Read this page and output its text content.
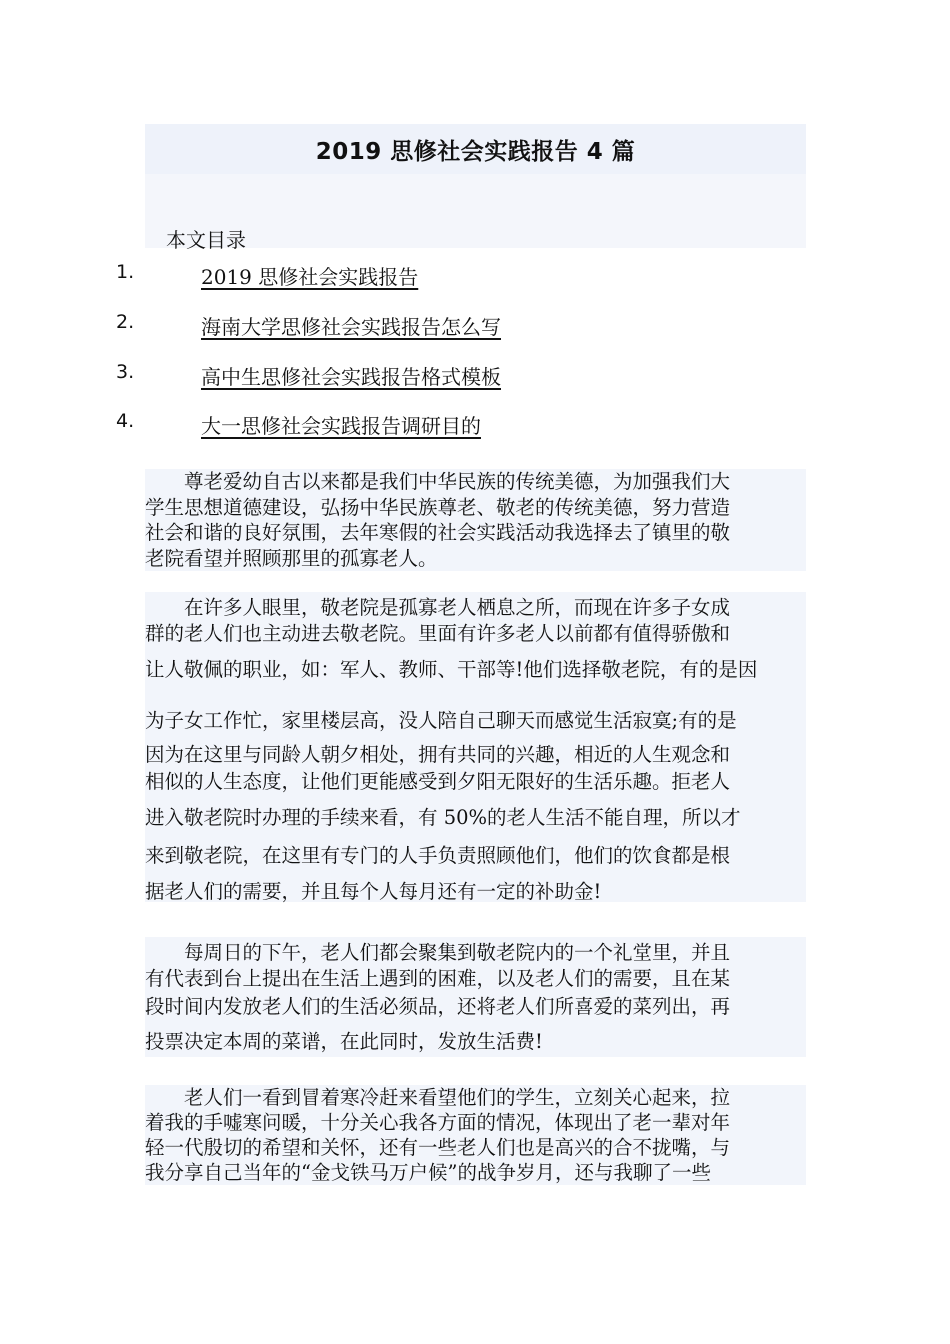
2019 思修社会实践报告 4 篇
本文目录
1.	2019 思修社会实践报告
2.	海南大学思修社会实践报告怎么写
3.	高中生思修社会实践报告格式模板
4.	大一思修社会实践报告调研目的
　　尊老爱幼自古以来都是我们中华民族的传统美德，为加强我们大
学生思想道德建设，弘扬中华民族尊老、敬老的传统美德，努力营造
社会和谐的良好氛围，去年寒假的社会实践活动我选择去了镇里的敬
老院看望并照顾那里的孤寡老人。
　　在许多人眼里，敬老院是孤寡老人栖息之所，而现在许多子女成
群的老人们也主动进去敬老院。里面有许多老人以前都有值得骄傲和
让人敬佩的职业，如：军人、教师、干部等!他们选择敬老院，有的是因
为子女工作忙，家里楼层高，没人陪自己聊天而感觉生活寂寞;有的是
因为在这里与同龄人朝夕相处，拥有共同的兴趣，相近的人生观念和
相似的人生态度，让他们更能感受到夕阳无限好的生活乐趣。拒老人
进入敬老院时办理的手续来看，有 50%的老人生活不能自理，所以才
来到敬老院，在这里有专门的人手负责照顾他们，他们的饮食都是根
据老人们的需要，并且每个人每月还有一定的补助金!
　　每周日的下午，老人们都会聚集到敬老院内的一个礼堂里，并且
有代表到台上提出在生活上遇到的困难，以及老人们的需要，且在某
段时间内发放老人们的生活必须品，还将老人们所喜爱的菜列出，再
投票决定本周的菜谱，在此同时，发放生活费!
　　老人们一看到冒着寒冷赶来看望他们的学生，立刻关心起来，拉
着我的手嘘寒问暖，十分关心我各方面的情况，体现出了老一辈对年
轻一代殷切的希望和关怀，还有一些老人们也是高兴的合不拢嘴，与
我分享自己当年的“金戈铁马万户候”的战争岁月，还与我聊了一些
